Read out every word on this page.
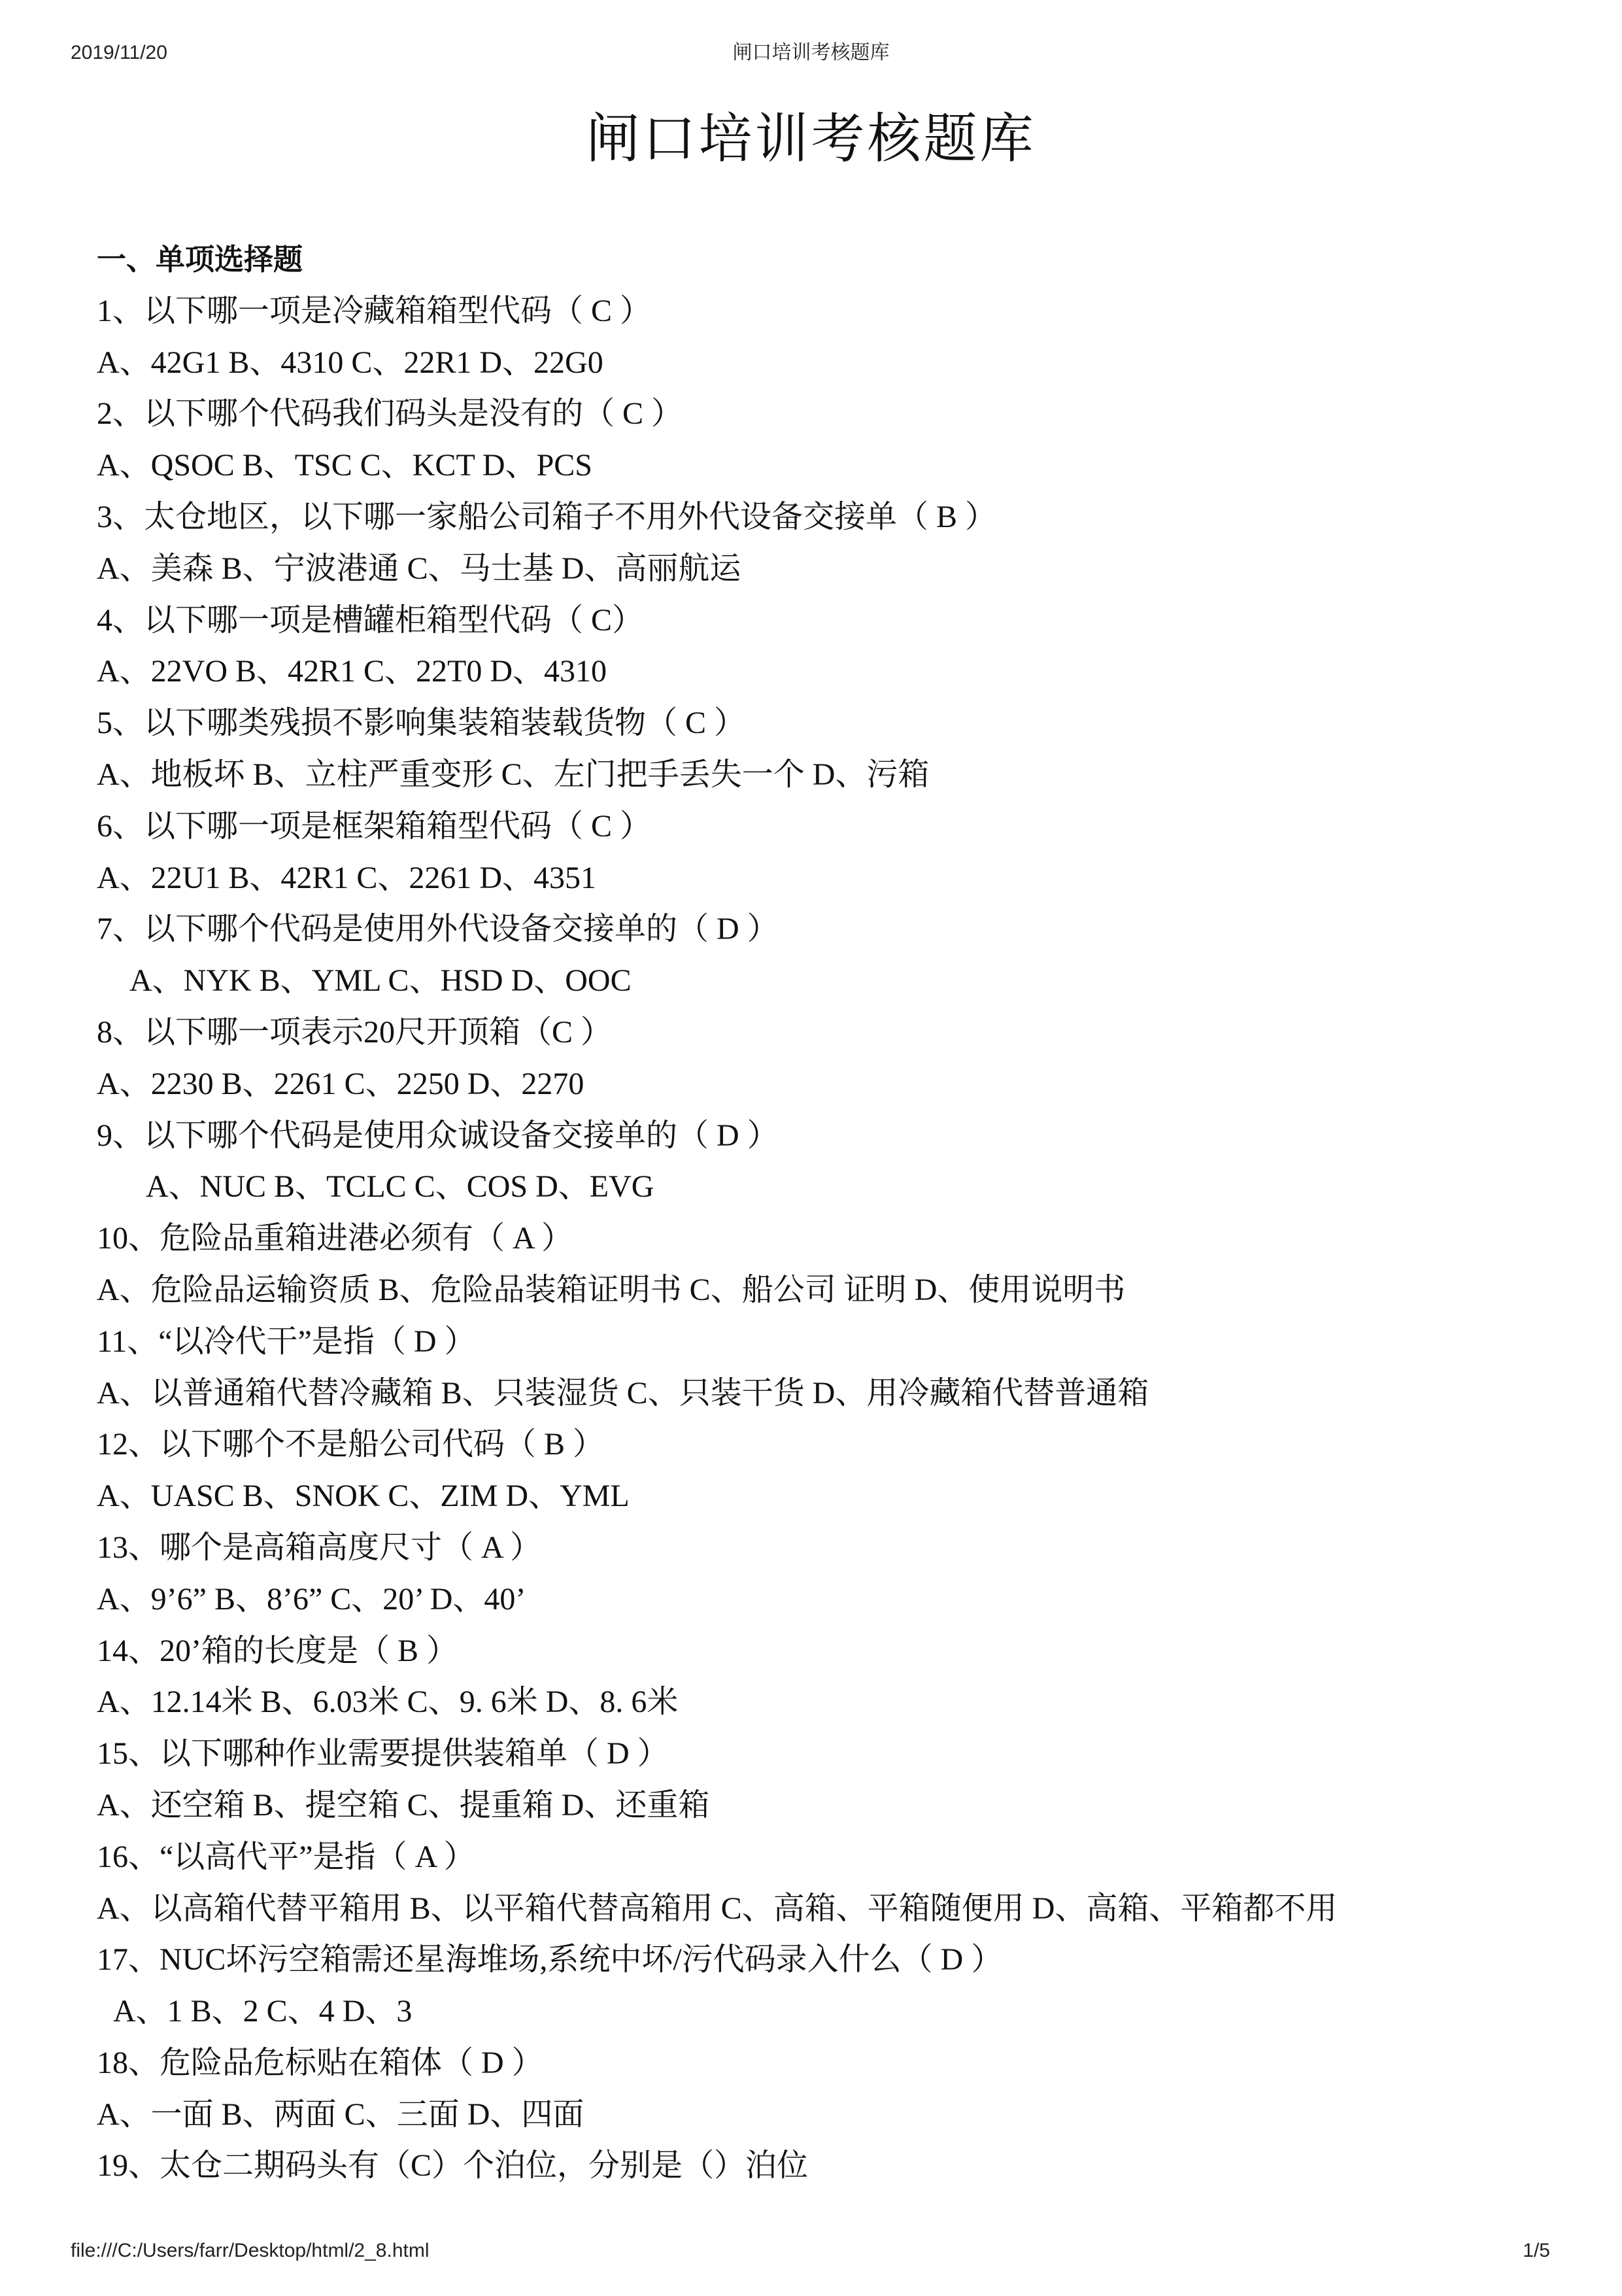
2019/11/20	闸口培训考核题库
闸口培训考核题库
一、单项选择题
1、以下哪一项是冷藏箱箱型代码（ C ）
A、42G1 B、4310 C、22R1 D、22G0
2、以下哪个代码我们码头是没有的（ C ）
A、QSOC B、TSC C、KCT D、PCS
3、太仓地区，以下哪一家船公司箱子不用外代设备交接单（ B ）
A、美森 B、宁波港通 C、马士基 D、高丽航运
4、以下哪一项是槽罐柜箱型代码（ C）
A、22VO B、42R1 C、22T0 D、4310
5、以下哪类残损不影响集装箱装载货物（ C ）
A、地板坏 B、立柱严重变形 C、左门把手丢失一个 D、污箱
6、以下哪一项是框架箱箱型代码（ C ）
A、22U1 B、42R1 C、2261 D、4351
7、以下哪个代码是使用外代设备交接单的（ D ）
A、NYK B、YML C、HSD D、OOC
8、以下哪一项表示20尺开顶箱（C ）
A、2230 B、2261 C、2250 D、2270
9、以下哪个代码是使用众诚设备交接单的（ D ）
A、NUC B、TCLC C、COS D、EVG
10、危险品重箱进港必须有（ A ）
A、危险品运输资质 B、危险品装箱证明书 C、船公司 证明 D、使用说明书
11、“以冷代干”是指（ D ）
A、以普通箱代替冷藏箱 B、只装湿货 C、只装干货 D、用冷藏箱代替普通箱
12、以下哪个不是船公司代码（ B ）
A、UASC B、SNOK C、ZIM D、YML
13、哪个是高箱高度尺寸（ A ）
A、9’6” B、8’6” C、20’ D、40’
14、20’箱的长度是（ B ）
A、12.14米 B、6.03米 C、9. 6米 D、8. 6米
15、以下哪种作业需要提供装箱单（ D ）
A、还空箱 B、提空箱 C、提重箱 D、还重箱
16、“以高代平”是指（ A ）
A、以高箱代替平箱用 B、以平箱代替高箱用 C、高箱、平箱随便用 D、高箱、平箱都不用
17、NUC坏污空箱需还星海堆场,系统中坏/污代码录入什么（ D ）
A、1 B、2 C、4 D、3
18、危险品危标贴在箱体（ D ）
A、一面 B、两面 C、三面 D、四面
19、太仓二期码头有（C）个泊位，分别是（）泊位
file:///C:/Users/farr/Desktop/html/2_8.html	1/5
